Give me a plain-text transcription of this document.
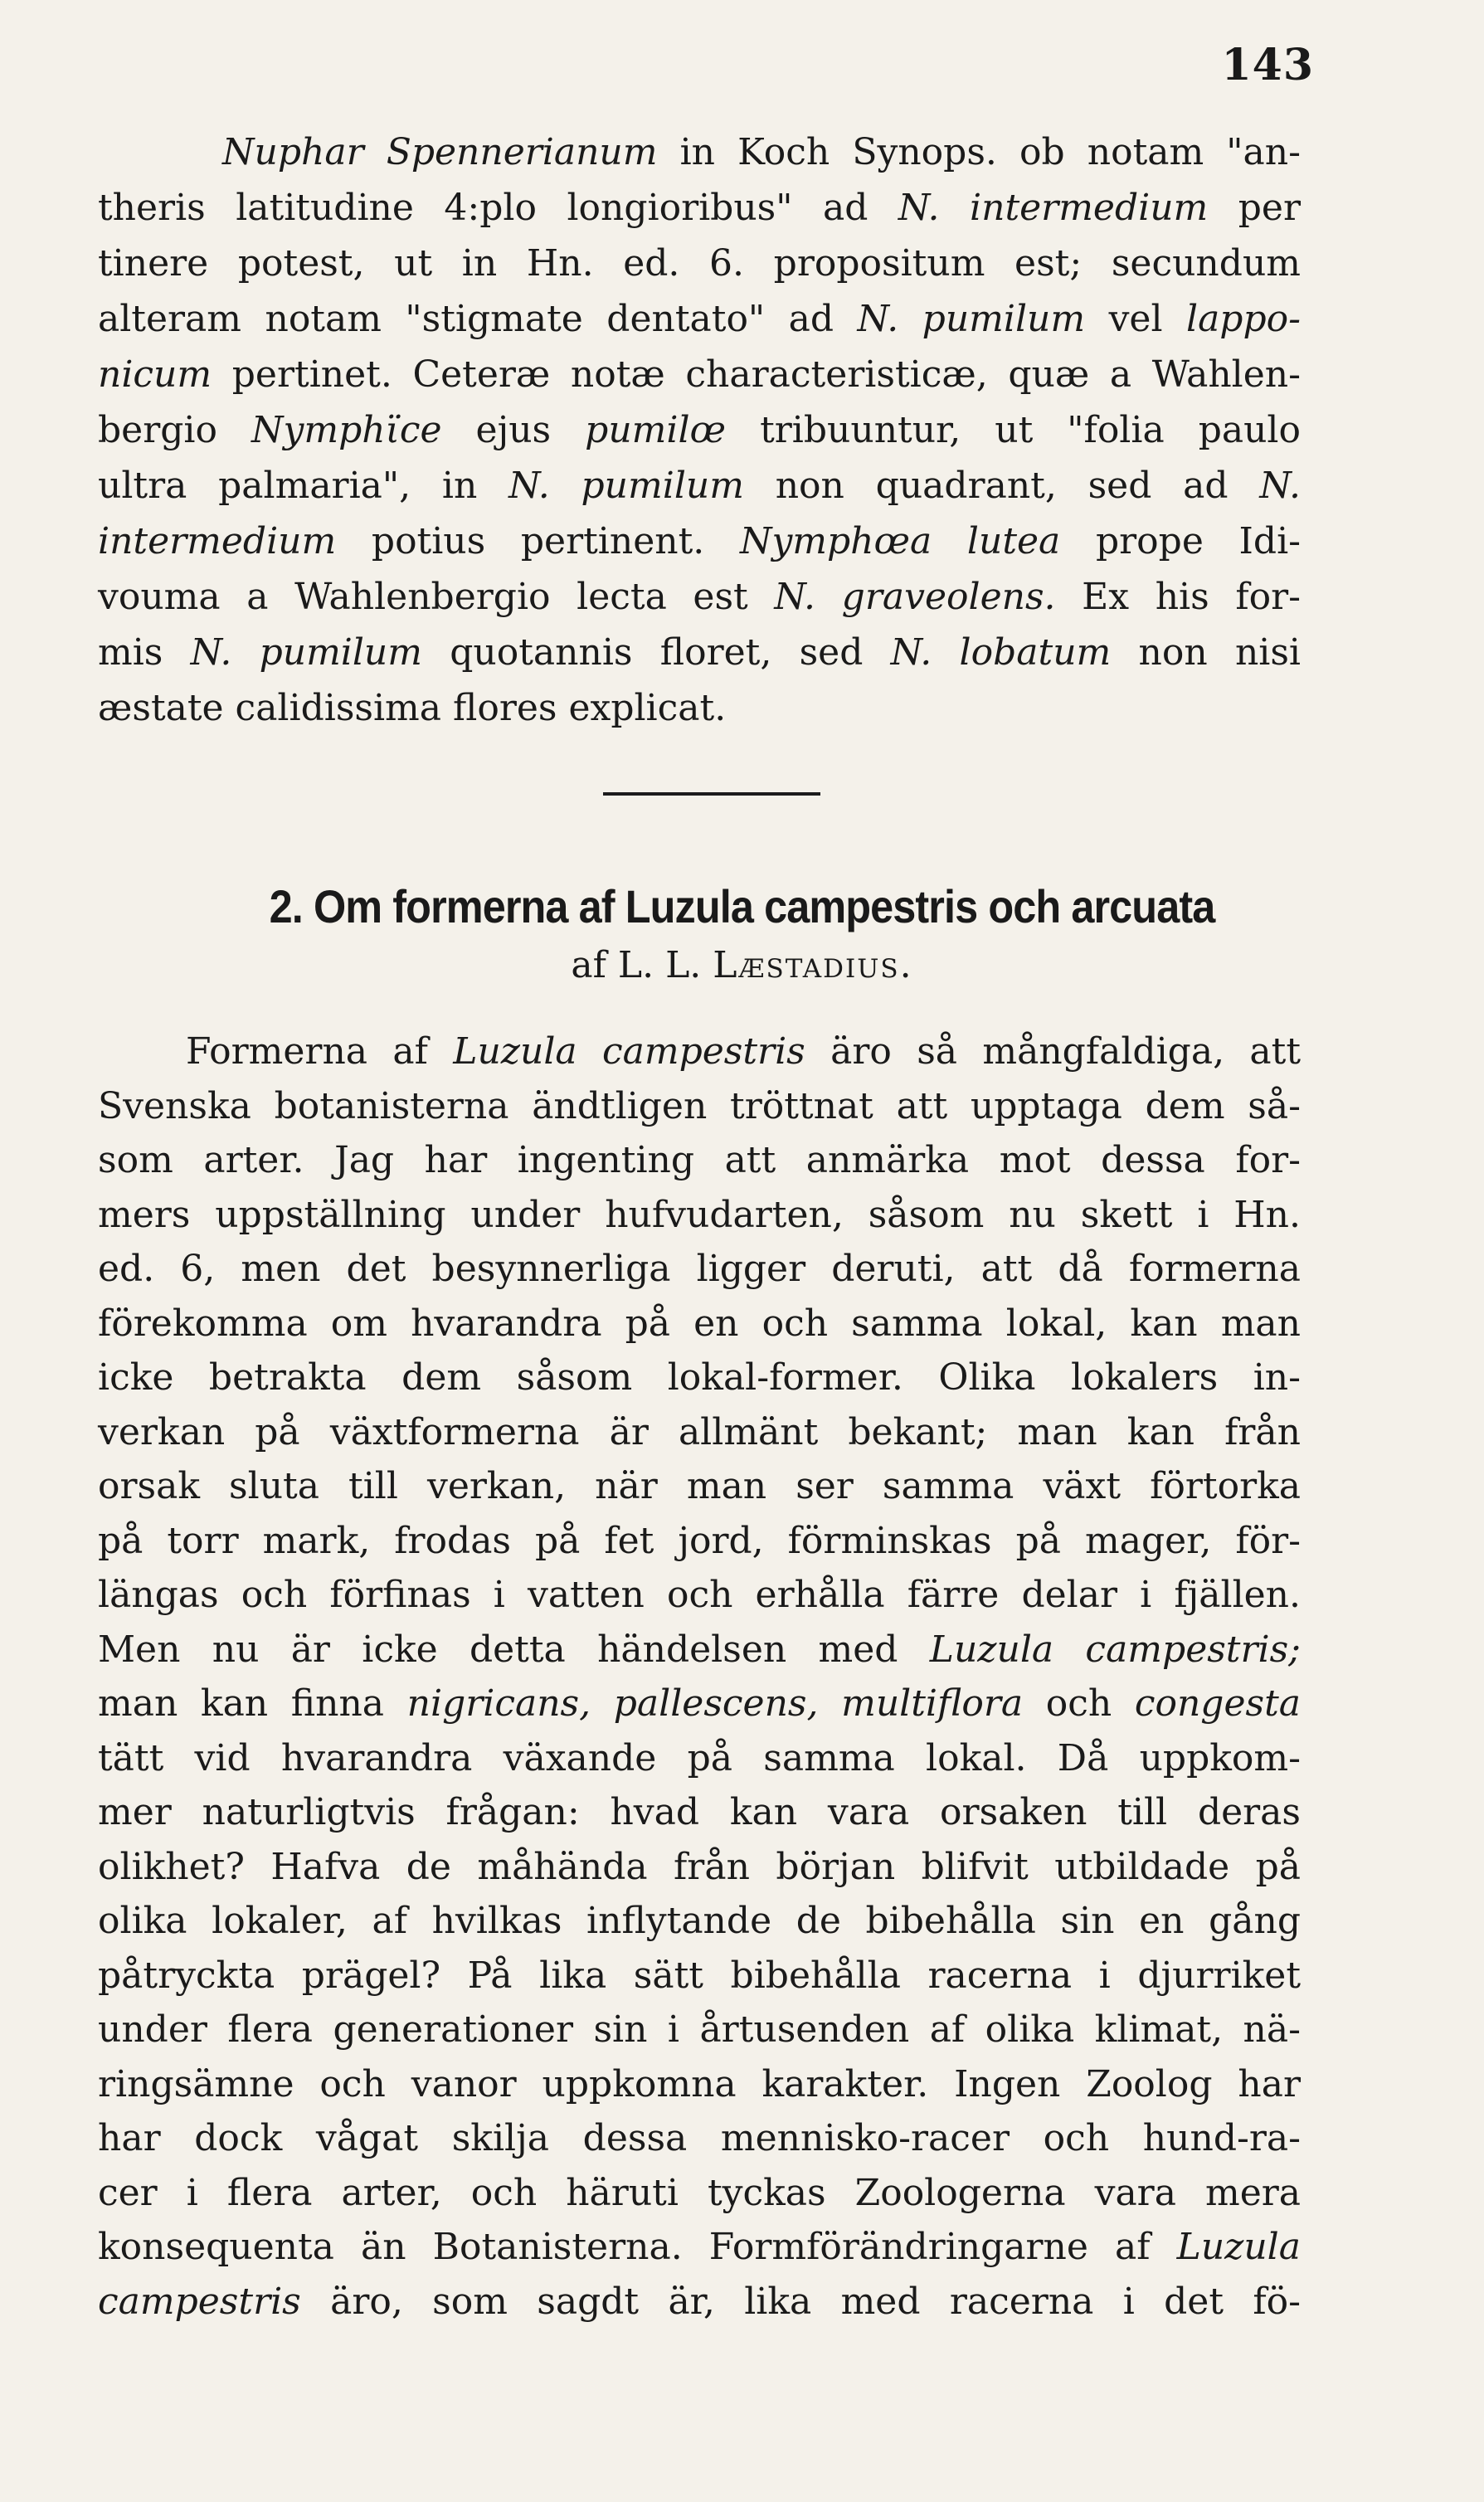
143
Nuphar Spennerianum in Koch Synops. ob notam "an-
theris latitudine 4:plo longioribus" ad N. intermedium per
tinere potest, ut in Hn. ed. 6. propositum est; secundum
alteram notam "stigmate dentato" ad N. pumilum vel lappo-
nicum pertinet. Ceteræ notæ characteristicæ, quæ a Wahlen-
bergio Nymphϊce ejus pumilœ tribuuntur, ut "folia paulo
ultra palmaria", in N. pumilum non quadrant, sed ad N.
intermedium potius pertinent. Nymphœa lutea prope Idi-
vouma a Wahlenbergio lecta est N. graveolens. Ex his for-
mis N. pumilum quotannis floret, sed N. lobatum non nisi
æstate calidissima flores explicat.
2. Om formerna af Luzula campestris och arcuata
af L. L. Læstadius.
Formerna af Luzula campestris äro så mångfaldiga, att
Svenska botanisterna ändtligen tröttnat att upptaga dem så-
som arter. Jag har ingenting att anmärka mot dessa for-
mers uppställning under hufvudarten, såsom nu skett i Hn.
ed. 6, men det besynnerliga ligger deruti, att då formerna
förekomma om hvarandra på en och samma lokal, kan man
icke betrakta dem såsom lokal-former. Olika lokalers in-
verkan på växtformerna är allmänt bekant; man kan från
orsak sluta till verkan, när man ser samma växt förtorka
på torr mark, frodas på fet jord, förminskas på mager, för-
längas och förfinas i vatten och erhålla färre delar i fjällen.
Men nu är icke detta händelsen med Luzula campestris;
man kan finna nigricans, pallescens, multiflora och congesta
tätt vid hvarandra växande på samma lokal. Då uppkom-
mer naturligtvis frågan: hvad kan vara orsaken till deras
olikhet? Hafva de måhända från början blifvit utbildade på
olika lokaler, af hvilkas inflytande de bibehålla sin en gång
påtryckta prägel? På lika sätt bibehålla racerna i djurriket
under flera generationer sin i årtusenden af olika klimat, nä-
ringsämne och vanor uppkomna karakter. Ingen Zoolog har
har dock vågat skilja dessa mennisko-racer och hund-ra-
cer i flera arter, och häruti tyckas Zoologerna vara mera
konsequenta än Botanisterna. Formförändringarne af Luzula
campestris äro, som sagdt är, lika med racerna i det fö-
